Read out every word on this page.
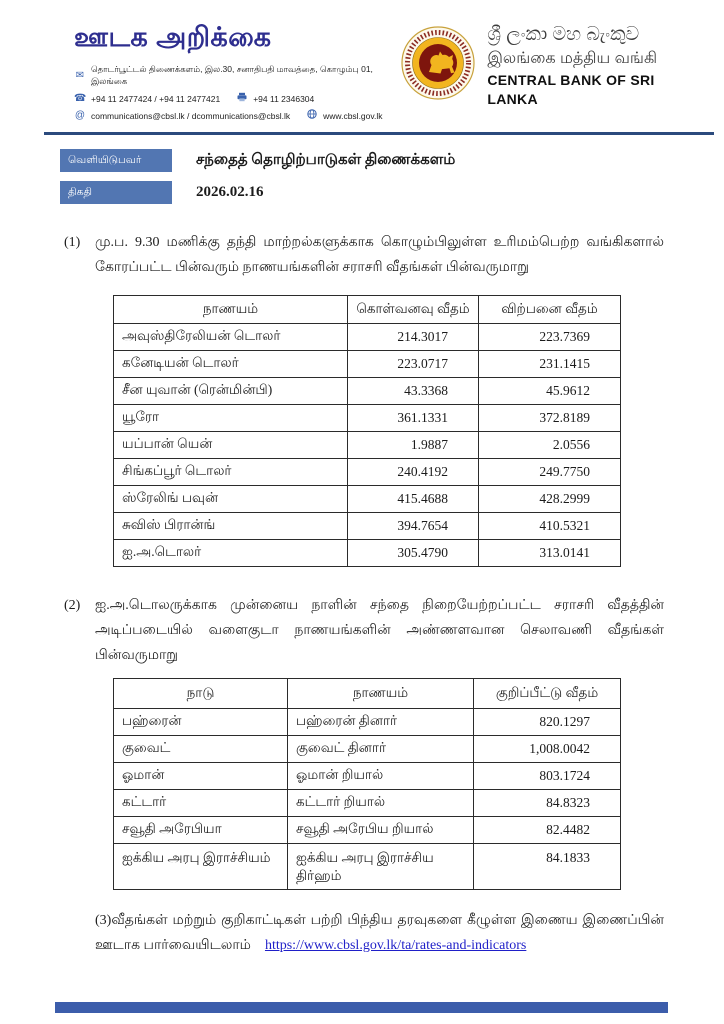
ஊடக அறிக்கை
✉
தொடர்பூட்டல் திணைக்களம், இல.30, சனாதிபதி மாவத்தை, கொழும்பு 01, இலங்கை
☎ +94 11 2477424 / +94 11 2477421	+94 11 2346304
@ communications@cbsl.lk / dcommunications@cbsl.lk	www.cbsl.gov.lk
ශ්‍රී ලංකා මහ බැංකුව
இலங்கை மத்திய வங்கி
CENTRAL BANK OF SRI LANKA
வெளியிடுபவர்	சந்தைத் தொழிற்பாடுகள் திணைக்களம்
திகதி	2026.02.16
(1)	மு.ப. 9.30 மணிக்கு தந்தி மாற்றல்களுக்காக கொழும்பிலுள்ள உரிமம்பெற்ற வங்கிகளால் கோரப்பட்ட பின்வரும் நாணயங்களின் சராசரி வீதங்கள் பின்வருமாறு
நாணயம்	கொள்வனவு வீதம்	விற்பனை வீதம்
அவுஸ்திரேலியன் டொலர்	214.3017	223.7369
கனேடியன் டொலர்	223.0717	231.1415
சீன யுவான் (ரென்மின்பி)	43.3368	45.9612
யூரோ	361.1331	372.8189
யப்பான் யென்	1.9887	2.0556
சிங்கப்பூர் டொலர்	240.4192	249.7750
ஸ்ரேலிங் பவுன்	415.4688	428.2999
சுவிஸ் பிரான்ங்	394.7654	410.5321
ஐ.அ.டொலர்	305.4790	313.0141
(2)	ஐ.அ.டொலருக்காக முன்னைய நாளின் சந்தை நிறையேற்றப்பட்ட சராசரி வீதத்தின் அடிப்படையில் வளைகுடா நாணயங்களின் அண்ணளவான செலாவணி வீதங்கள் பின்வருமாறு
நாடு	நாணயம்	குறிப்பீட்டு வீதம்
பஹ்ரைன்	பஹ்ரைன் தினார்	820.1297
குவைட்	குவைட் தினார்	1,008.0042
ஓமான்	ஓமான் றியால்	803.1724
கட்டார்	கட்டார் றியால்	84.8323
சவூதி அரேபியா	சவூதி அரேபிய றியால்	82.4482
ஐக்கிய அரபு இராச்சியம்	ஐக்கிய அரபு இராச்சிய திர்ஹம்	84.1833

(3)வீதங்கள் மற்றும் குறிகாட்டிகள் பற்றி பிந்திய தரவுகளை கீழுள்ள இணைய இணைப்பின் ஊடாக பார்வையிடலாம் https://www.cbsl.gov.lk/ta/rates-and-indicators
